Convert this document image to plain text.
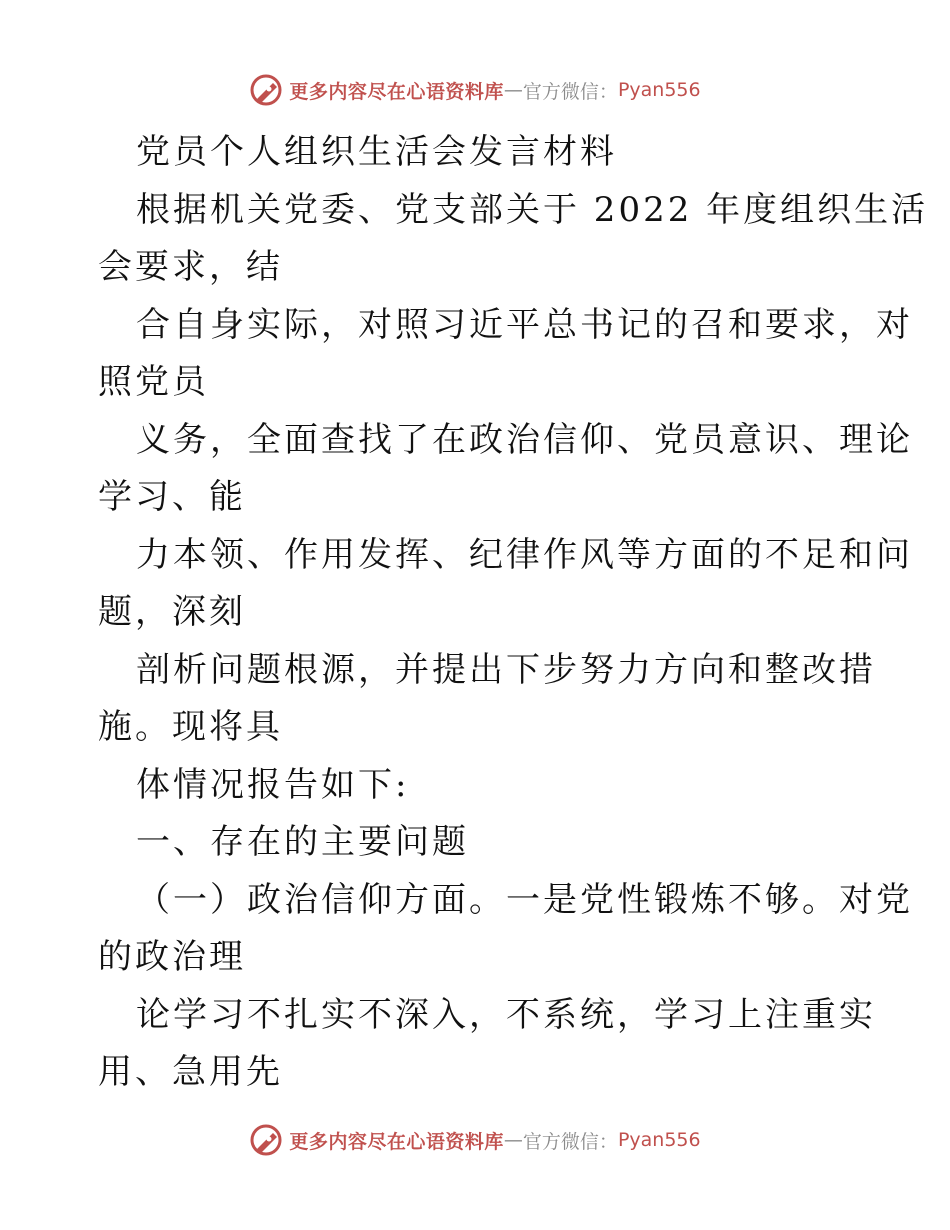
更多内容尽在心语资料库 — 官方微信： Pyan556
党员个人组织生活会发言材料
根据机关党委、党支部关于 2022 年度组织生活
会要求，结
合自身实际，对照习近平总书记的召和要求，对
照党员
义务，全面查找了在政治信仰、党员意识、理论
学习、能
力本领、作用发挥、纪律作风等方面的不足和问
题，深刻
剖析问题根源，并提出下步努力方向和整改措
施。现将具
体情况报告如下:
一、存在的主要问题
（一）政治信仰方面。一是党性锻炼不够。对党
的政治理
论学习不扎实不深入，不系统，学习上注重实
用、急用先
更多内容尽在心语资料库 — 官方微信： Pyan556
